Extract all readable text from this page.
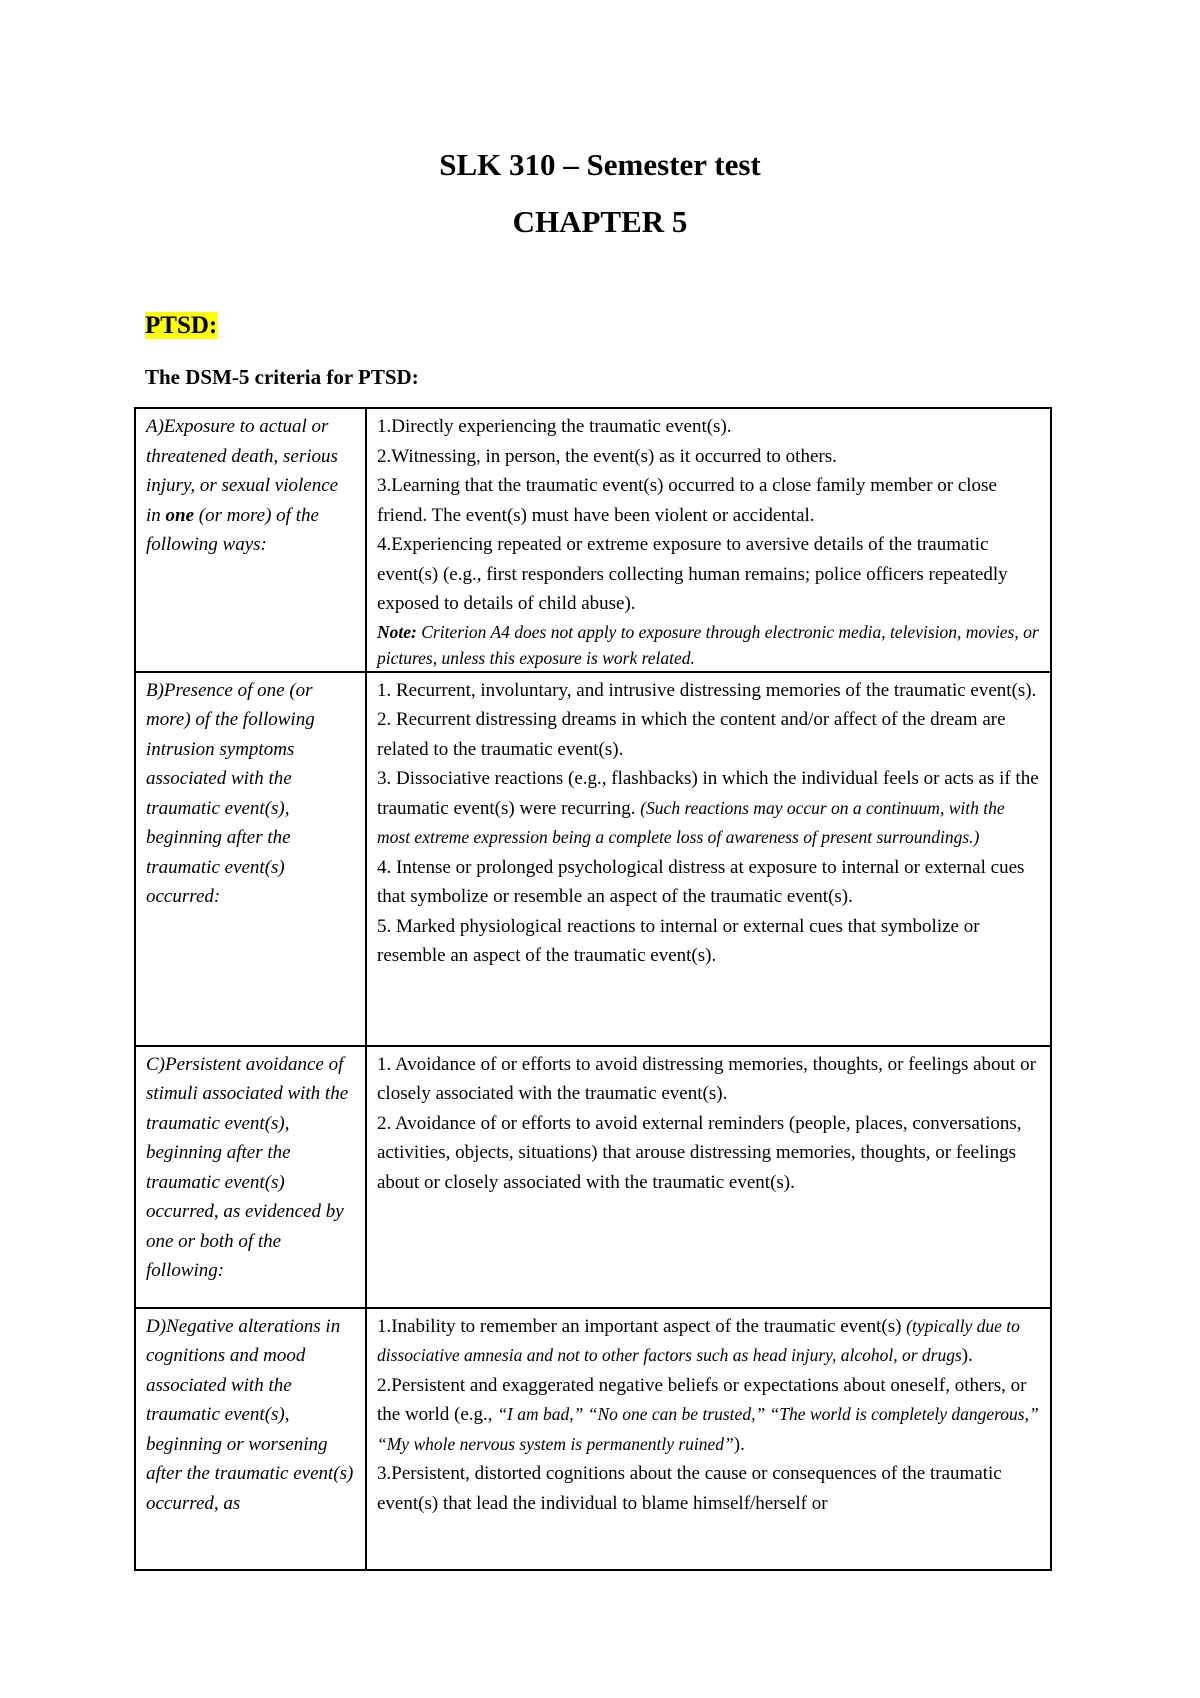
SLK 310 – Semester test
CHAPTER 5
PTSD:

The DSM-5 criteria for PTSD:

A)Exposure to actual or threatened death, serious injury, or sexual violence in one (or more) of the following ways:	1.Directly experiencing the traumatic event(s).

2.Witnessing, in person, the event(s) as it occurred to others.

3.Learning that the traumatic event(s) occurred to a close family member or close friend. The event(s) must have been violent or accidental.

4.Experiencing repeated or extreme exposure to aversive details of the traumatic event(s) (e.g., first responders collecting human remains; police officers repeatedly exposed to details of child abuse).

Note: Criterion A4 does not apply to exposure through electronic media, television, movies, or pictures, unless this exposure is work related.

B)Presence of one (or more) of the following intrusion symptoms associated with the traumatic event(s), beginning after the traumatic event(s) occurred:	1. Recurrent, involuntary, and intrusive distressing memories of the traumatic event(s).

2. Recurrent distressing dreams in which the content and/or affect of the dream are related to the traumatic event(s).

3. Dissociative reactions (e.g., flashbacks) in which the individual feels or acts as if the traumatic event(s) were recurring. (Such reactions may occur on a continuum, with the most extreme expression being a complete loss of awareness of present surroundings.)

4. Intense or prolonged psychological distress at exposure to internal or external cues that symbolize or resemble an aspect of the traumatic event(s).

5. Marked physiological reactions to internal or external cues that symbolize or resemble an aspect of the traumatic event(s).

C)Persistent avoidance of stimuli associated with the traumatic event(s), beginning after the traumatic event(s) occurred, as evidenced by one or both of the following:	1. Avoidance of or efforts to avoid distressing memories, thoughts, or feelings about or closely associated with the traumatic event(s).

2. Avoidance of or efforts to avoid external reminders (people, places, conversations, activities, objects, situations) that arouse distressing memories, thoughts, or feelings about or closely associated with the traumatic event(s).

D)Negative alterations in cognitions and mood associated with the traumatic event(s), beginning or worsening after the traumatic event(s) occurred, as	1.Inability to remember an important aspect of the traumatic event(s) (typically due to dissociative amnesia and not to other factors such as head injury, alcohol, or drugs).

2.Persistent and exaggerated negative beliefs or expectations about oneself, others, or the world (e.g., “I am bad,” “No one can be trusted,” “The world is completely dangerous,” “My whole nervous system is permanently ruined”).

3.Persistent, distorted cognitions about the cause or consequences of the traumatic event(s) that lead the individual to blame himself/herself or
